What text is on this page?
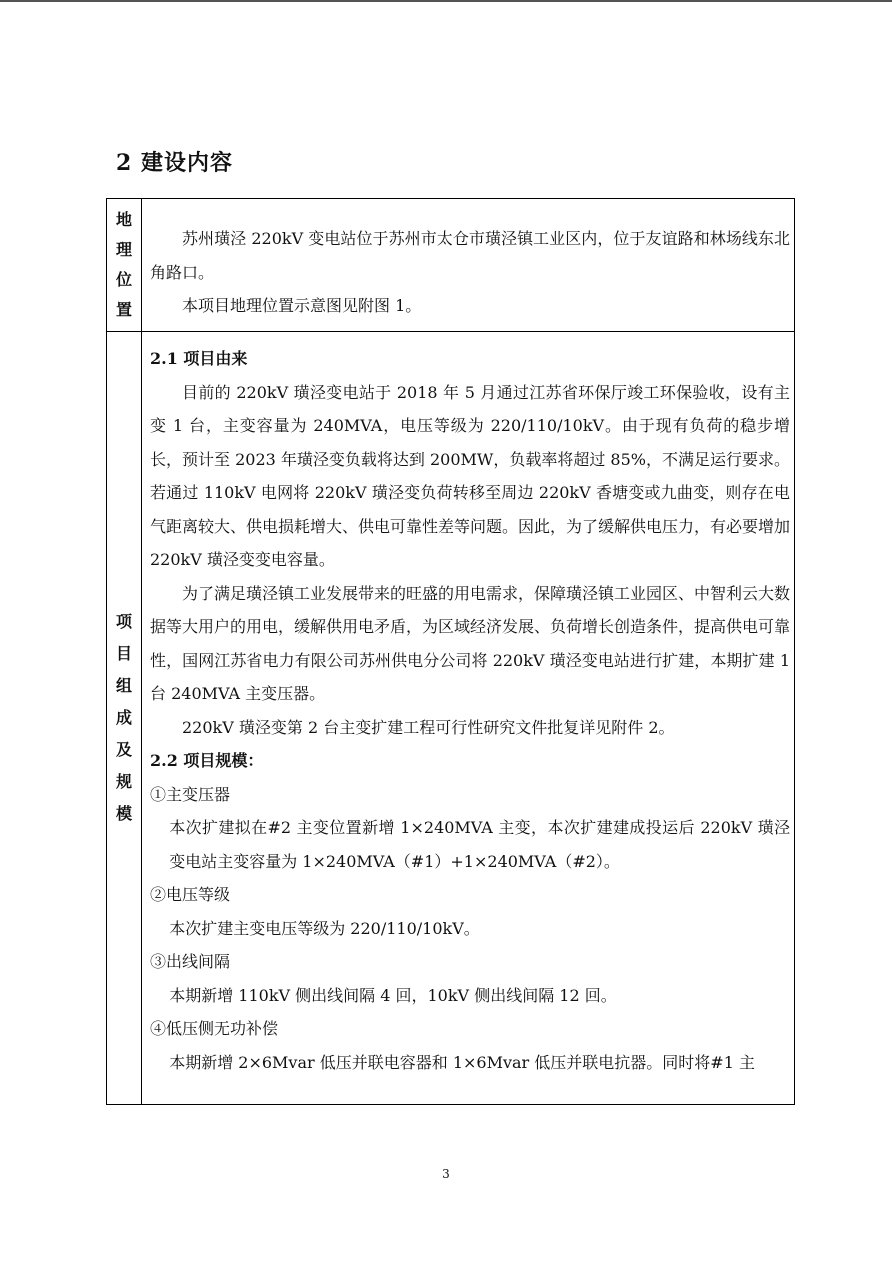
2 建设内容
地
理
位
置

苏州璜泾 220kV 变电站位于苏州市太仓市璜泾镇工业区内，位于友谊路和林场线东北角路口。

本项目地理位置示意图见附图 1。

项
目
组
成
及
规
模

2.1 项目由来

目前的 220kV 璜泾变电站于 2018 年 5 月通过江苏省环保厅竣工环保验收，设有主变 1 台，主变容量为 240MVA，电压等级为 220/110/10kV。由于现有负荷的稳步增长，预计至 2023 年璜泾变负载将达到 200MW，负载率将超过 85%，不满足运行要求。若通过 110kV 电网将 220kV 璜泾变负荷转移至周边 220kV 香塘变或九曲变，则存在电气距离较大、供电损耗增大、供电可靠性差等问题。因此，为了缓解供电压力，有必要增加 220kV 璜泾变变电容量。

为了满足璜泾镇工业发展带来的旺盛的用电需求，保障璜泾镇工业园区、中智利云大数据等大用户的用电，缓解供用电矛盾，为区域经济发展、负荷增长创造条件，提高供电可靠性，国网江苏省电力有限公司苏州供电分公司将 220kV 璜泾变电站进行扩建，本期扩建 1 台 240MVA 主变压器。

220kV 璜泾变第 2 台主变扩建工程可行性研究文件批复详见附件 2。

2.2 项目规模：

①主变压器

本次扩建拟在#2 主变位置新增 1×240MVA 主变，本次扩建建成投运后 220kV 璜泾变电站主变容量为 1×240MVA（#1）+1×240MVA（#2）。

②电压等级

本次扩建主变电压等级为 220/110/10kV。

③出线间隔

本期新增 110kV 侧出线间隔 4 回，10kV 侧出线间隔 12 回。

④低压侧无功补偿

本期新增 2×6Mvar 低压并联电容器和 1×6Mvar 低压并联电抗器。同时将#1 主

3
